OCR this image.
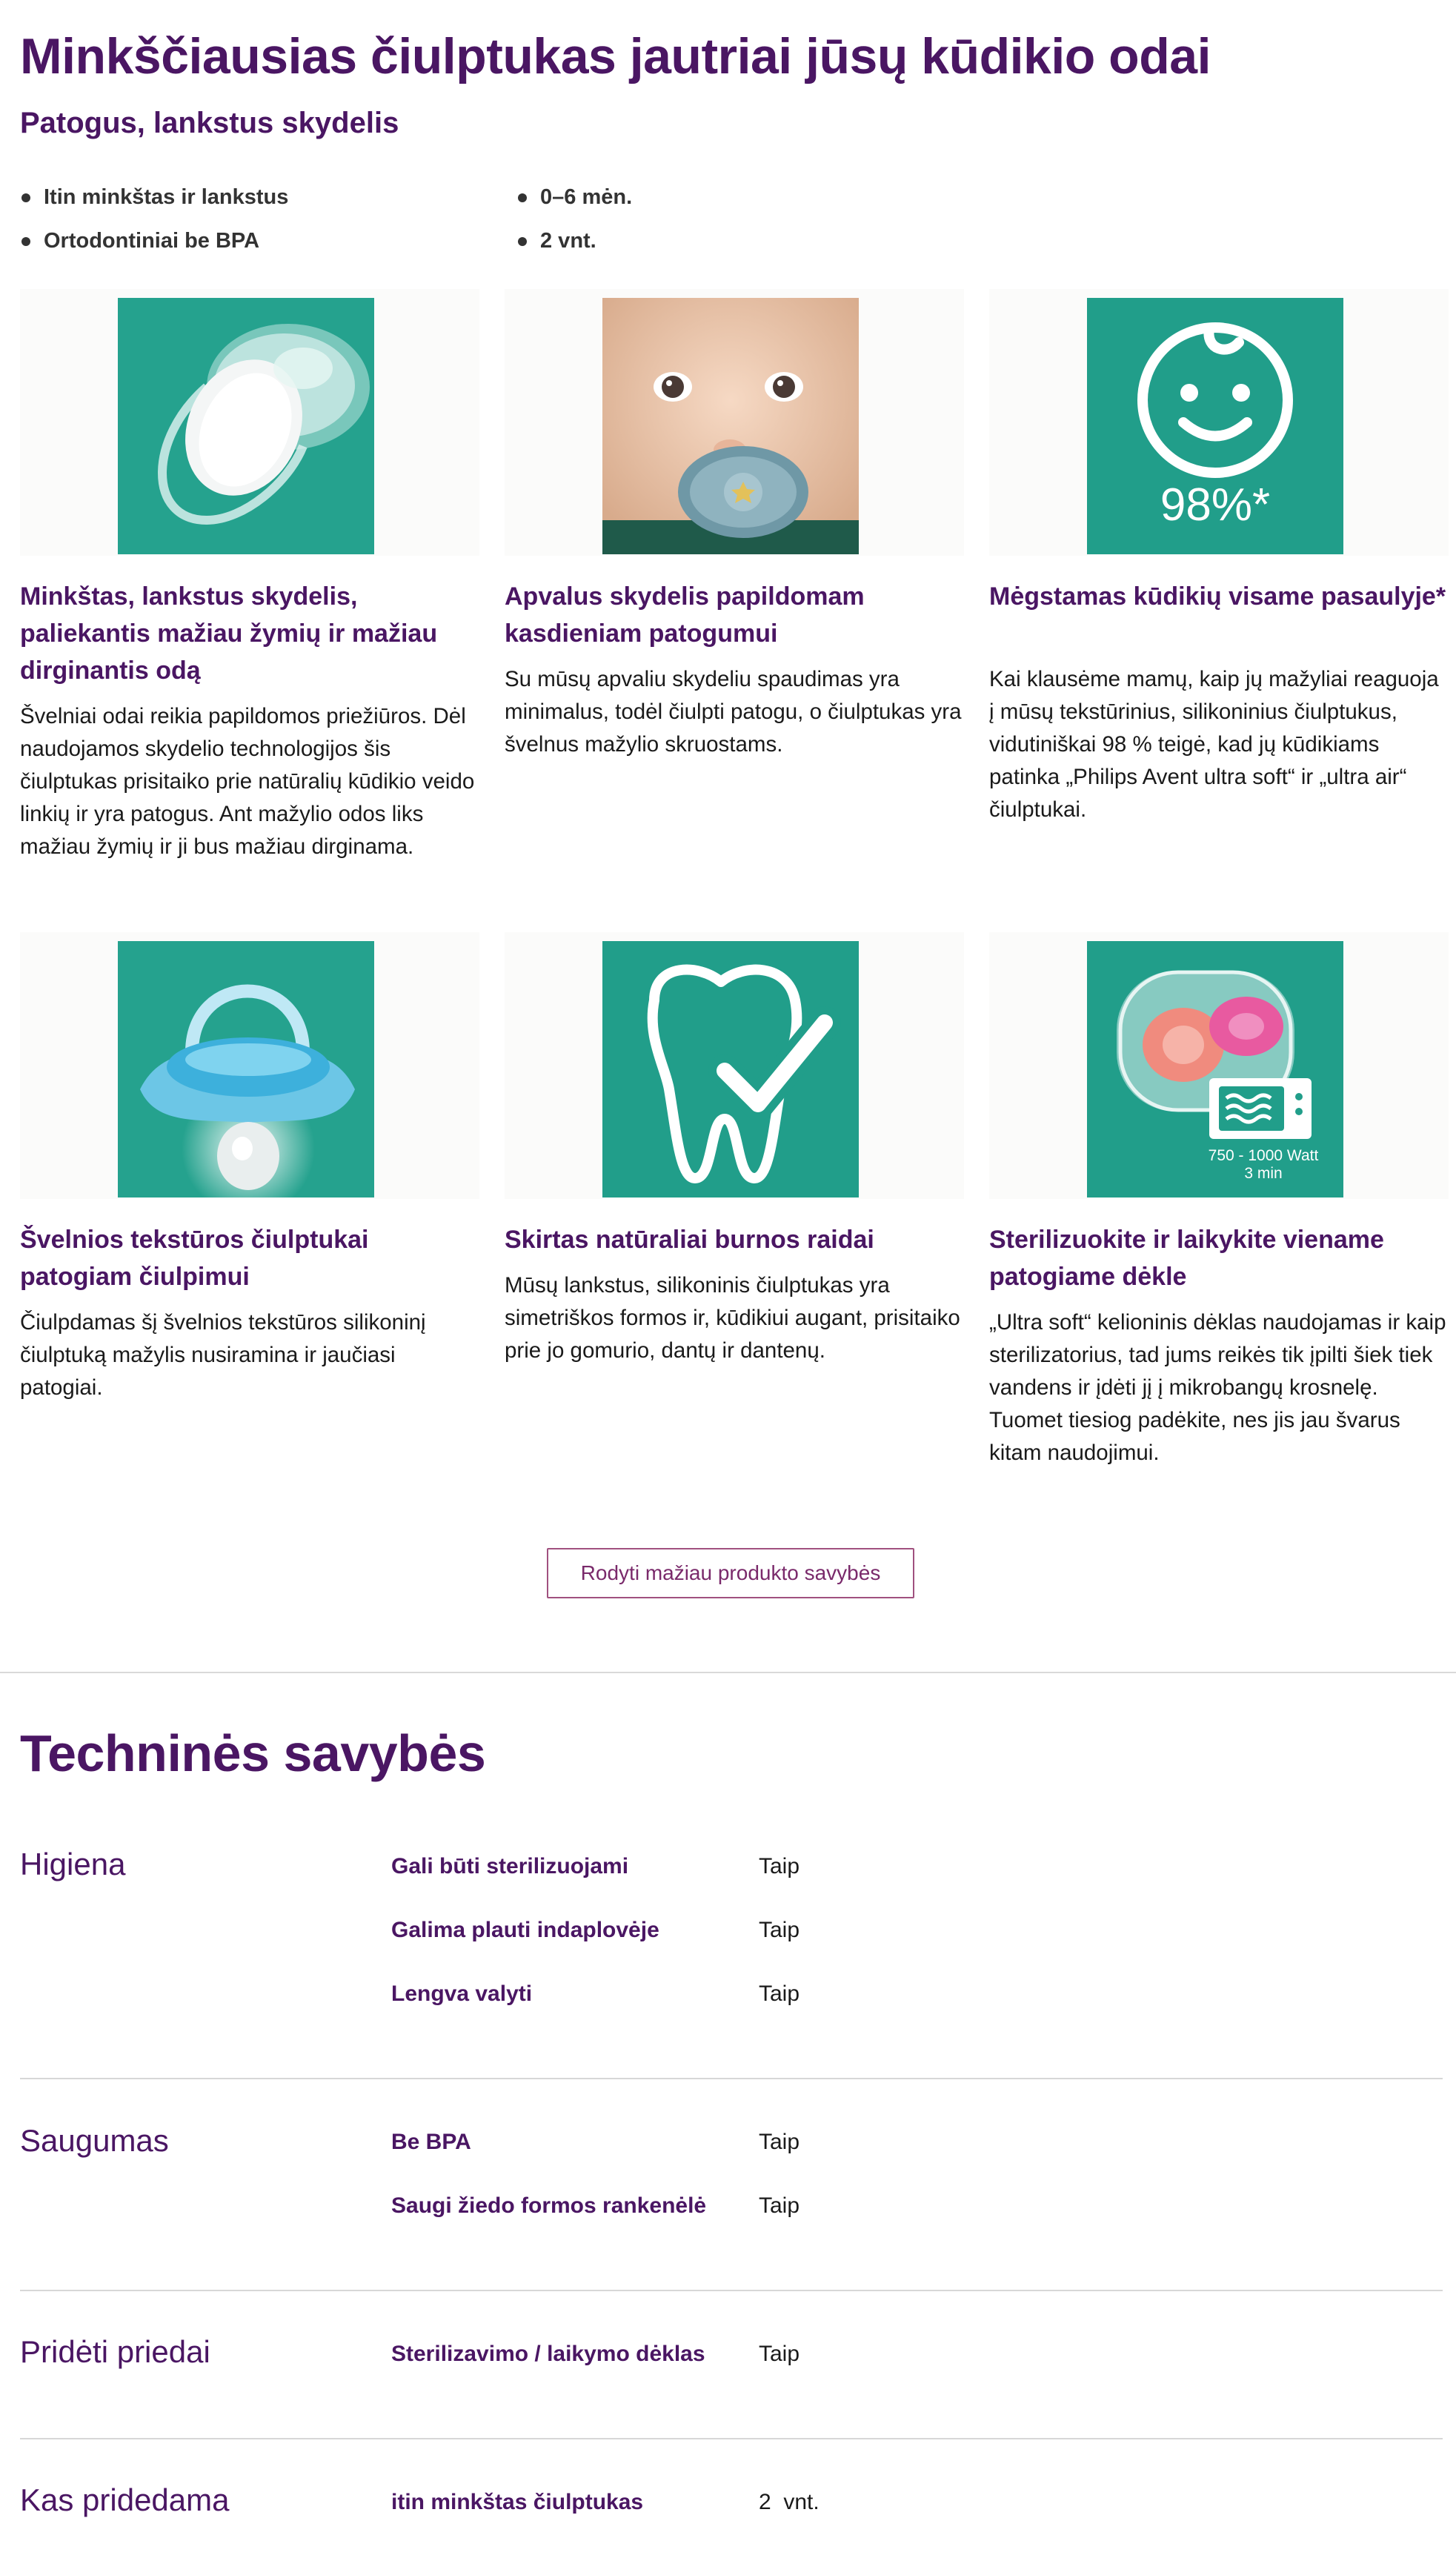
Minkščiausias čiulptukas jautriai jūsų kūdikio odai
Patogus, lankstus skydelis
Itin minkštas ir lankstus
Ortodontiniai be BPA
0–6 mėn.
2 vnt.
Minkštas, lankstus skydelis, paliekantis mažiau žymių ir mažiau dirginantis odą

Švelniai odai reikia papildomos priežiūros. Dėl naudojamos skydelio technologijos šis čiulptukas prisitaiko prie natūralių kūdikio veido linkių ir yra patogus. Ant mažylio odos liks mažiau žymių ir ji bus mažiau dirginama.

Apvalus skydelis papildomam kasdieniam patogumui

Su mūsų apvaliu skydeliu spaudimas yra minimalus, todėl čiulpti patogu, o čiulptukas yra švelnus mažylio skruostams.

98%*
Mėgstamas kūdikių visame pasaulyje*

Kai klausėme mamų, kaip jų mažyliai reaguoja į mūsų tekstūrinius, silikoninius čiulptukus, vidutiniškai 98 % teigė, kad jų kūdikiams patinka „Philips Avent ultra soft“ ir „ultra air“ čiulptukai.

Švelnios tekstūros čiulptukai patogiam čiulpimui

Čiulpdamas šį švelnios tekstūros silikoninį čiulptuką mažylis nusiramina ir jaučiasi patogiai.

Skirtas natūraliai burnos raidai

Mūsų lankstus, silikoninis čiulptukas yra simetriškos formos ir, kūdikiui augant, prisitaiko prie jo gomurio, dantų ir dantenų.

750 - 1000 Watt
3 min
Sterilizuokite ir laikykite viename patogiame dėkle

„Ultra soft“ kelioninis dėklas naudojamas ir kaip sterilizatorius, tad jums reikės tik įpilti šiek tiek vandens ir įdėti jį į mikrobangų krosnelę. Tuomet tiesiog padėkite, nes jis jau švarus kitam naudojimui.

Rodyti mažiau produkto savybės
Techninės savybės
Higiena	Gali būti sterilizuojami	Taip
Galima plauti indaplovėje	Taip
Lengva valyti	Taip
Saugumas	Be BPA	Taip
Saugi žiedo formos rankenėlė Taip
Pridėti priedai	Sterilizavimo / laikymo dėklas Taip
Kas pridedama	itin minkštas čiulptukas	2  vnt.
